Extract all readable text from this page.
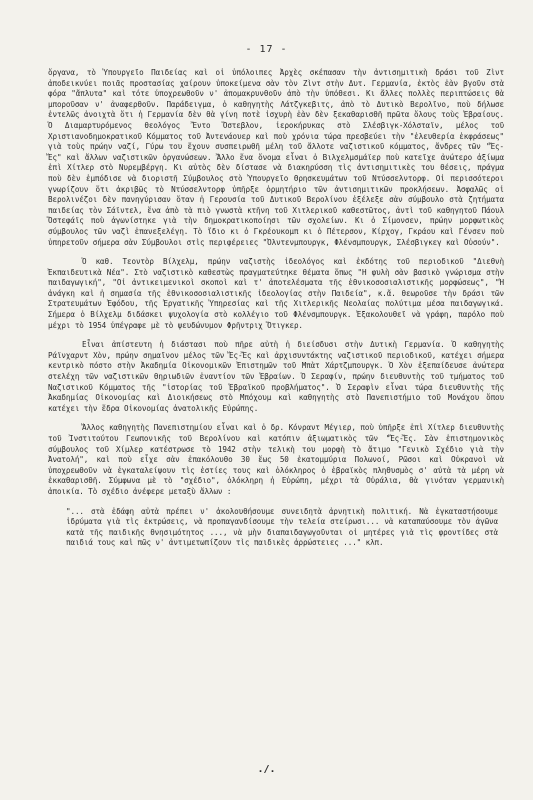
- 17 -

ὄργανα, τὸ Ὑπουργεῖο Παιδείας καὶ οἱ ὑπόλοιπες Ἀρχὲς σκέπασαν τὴν ἀντισημιτικὴ δράσι τοῦ Ζὶντ ἀποδεικνύει ποιᾶς προστασίας χαίρουν ὑποκείμενα σὰν τὸν Ζὶντ στὴν Δυτ. Γερμανία, ἐκτὸς ἐὰν βγοῦν στὰ φόρα "ἄπλυτα" καὶ τότε ὑποχρεωθοῦν ν' ἀπομακρυνθοῦν ἀπὸ τὴν ὑπόθεσι. Κι ἄλλες πολλὲς περιπτώσεις θὰ μποροῦσαν ν' ἀναφερθοῦν. Παράδειγμα, ὁ καθηγητὴς Λάτζγκεβιτς, ἀπὸ τὸ Δυτικὸ Βερολῖνο, ποὺ δήλωσε ἐντελῶς ἀνοιχτὰ ὅτι ἡ Γερμανία δὲν θὰ γίνη ποτὲ ἰσχυρὴ ἐὰν δὲν ξεκαθαρισθῆ πρῶτα ὅλους τοὺς Ἑβραίους. Ὁ Διαμαρτυρόμενος θεολόγος Ἔντο Ὄστεβλον, ἱεροκήρυκας στὸ Σλέσβιγκ-Χόλσταϊν, μέλος τοῦ Χριστιανοδημοκρατικοῦ Κόμματος τοῦ Ἀντενάουερ καὶ ποὺ χρόνια τώρα πρεσβεύει τὴν "ἐλευθερία ἐκφράσεως" γιὰ τοὺς πρώην ναζί, Γύρω του ἔχουν συσπειρωθῆ μέλη τοῦ ἄλλοτε ναζιστικοῦ κόμματος, ἄνδρες τῶν "Ἔς-Ἔς" καὶ ἄλλων ναζιστικῶν ὀργανώσεων. Ἄλλο ἕνα ὄνομα εἶναι ὁ Βιλχελμσμάϊερ ποὺ κατεῖχε ἀνώτερο ἀξίωμα ἐπὶ Χίτλερ στὸ Νυρεμβέργη. Κι αὐτὸς δὲν δίστασε νὰ διακηρύσση τὶς ἀντισημιτικὲς του θέσεις, πράγμα ποὺ δὲν ἐμπόδισε νὰ διοριστῆ Σύμβουλος στὸ Ὑπουργεῖο Θρησκευμάτων τοῦ Ντύσσελντορφ. Οἱ περισσότεροι γνωρίζουν ὅτι ἀκριβῶς τὸ Ντύσσελντορφ ὑπῆρξε ὁρμητήριο τῶν ἀντισημιτικῶν προκλήσεων. Ἀσφαλῶς οἱ Βερολινέζοι δὲν πανηγύρισαν ὅταν ἡ Γερουσία τοῦ Δυτικοῦ Βερολίνου ἐξέλεξε σὰν σύμβουλο στὰ ζητήματα παιδείας τὸν Σάϊντελ, ἕνα ἀπὸ τὰ πιὸ γνωστὰ κτῆνη τοῦ Χιτλερικοῦ καθεστῶτος, ἀντὶ τοῦ καθηγητοῦ Πάουλ Ὄστεφάϊς ποὺ ἀγωνίστηκε γιὰ τὴν δημοκρατικοποίησι τῶν σχολείων. Κι ὁ Σίμονσεν, πρώην μορφωτικὸς σύμβουλος τῶν ναζὶ ἐπανεξελέγη. Τὸ ἴδιο κι ὁ Γκρέουκομπ κι ὁ Πέτερσον, Κίρχογ, Γκράου καὶ Γένσεν ποὺ ὑπηρετοῦν σήμερα σὰν Σύμβουλοι στὶς περιφέρειες "Ὀλντενμπουργκ, Φλένσμπουργκ, Σλέσβιγκεγ καὶ Οὐσούν".

Ὁ καθ. Τεοντὸρ Βίλχελμ, πρώην ναζιστὴς ἰδεολόγος καὶ ἐκδότης τοῦ περιοδικοῦ "Διεθνὴ Ἐκπαιδευτικὰ Νέα". Στὸ ναζιστικὸ καθεστὼς πραγματεύτηκε θέματα ὅπως "Η φυλὴ σὰν βασικὸ γνώρισμα στὴν παιδαγωγική", "Οἱ ἀντικειμενικοὶ σκοποὶ καὶ τ' ἀποτελέσματα τῆς ἐθνικοσοσιαλιστικῆς μορφώσεως", "Ἡ ἀνάγκη καὶ ἡ σημασία τῆς ἐθνικοσοσιαλιστικῆς ἰδεολογίας στὴν Παιδεία", κ.ἄ. θεωροῦσε τὴν δράσι τῶν Στρατευμάτων Ἐφόδου, τῆς Ἐργατικῆς Ὑπηρεσίας καὶ τῆς Χιτλερικῆς Νεολαίας πολύτιμα μέσα παιδαγωγικά. Σήμερα ὁ Βίλχελμ διδάσκει ψυχολογία στὸ κολλέγιο τοῦ Φλένσμπουργκ. Ἐξακολουθεῖ νὰ γράφη, παρόλο ποὺ μέχρι τὸ 1954 ὑπέγραφε μὲ τὸ ψευδώνυμον Φρῆντριχ Ὄτιγκερ.

Εἶναι ἀπίστευτη ἡ διάστασι ποὺ πῆρε αὐτὴ ἡ διείσδυσι στὴν Δυτικὴ Γερμανία. Ὁ καθηγητὴς Ράϊνχαρντ Χὸν, πρώην σημαῖνον μέλος τῶν Ἔς-Ἔς καὶ ἀρχισυντάκτης ναζιστικοῦ περιοδικοῦ, κατέχει σήμερα κεντρικὸ πόστο στὴν Ἀκαδημία Οἰκονομικῶν Ἐπιστημῶν τοῦ Μπὰτ Χάρτζμπουργκ. Ὁ Χὸν ἐξεπαίδευσε ἀνώτερα στελέχη τῶν ναζιστικῶν θηριωδιῶν ἐναντίον τῶν Ἑβραίων. Ὁ Σεραφίν, πρώην διευθυντὴς τοῦ τμήματος τοῦ Ναζιστικοῦ Κόμματος τῆς "ἱστορίας τοῦ Ἑβραϊκοῦ προβλήματος". Ὁ Σεραφὶν εἶναι τώρα διευθυντὴς τῆς Ἀκαδημίας Οἰκονομίας καὶ Διοικήσεως στὸ Μπόχουμ καὶ καθηγητὴς στὸ Πανεπιστήμιο τοῦ Μονάχου ὅπου κατέχει τὴν ἕδρα Οἰκονομίας ἀνατολικῆς Εὐρώπης.

Ἄλλος καθηγητὴς Πανεπιστημίου εἶναι καὶ ὁ δρ. Κόνραντ Μέγιερ, ποὺ ὑπῆρξε ἐπὶ Χίτλερ διευθυντὴς τοῦ Ἰνστιτούτου Γεωπονικῆς τοῦ Βερολίνου καὶ κατόπιν ἀξιωματικὸς τῶν "Ἔς-Ἔς. Σὰν ἐπιστημονικὸς σύμβουλος τοῦ Χίμλερ κατέστρωσε τὸ 1942 στὴν τελικὴ του μορφὴ τὸ ἄτιμο "Γενικὸ Σχέδιο γιὰ τὴν Ἀνατολή", καὶ ποὺ εἶχε σὰν ἐπακόλουθο 30 ἕως 50 ἑκατομμύρια Πολωνοί, Ρῶσοι καὶ Οὐκρανοὶ νὰ ὑποχρεωθοῦν νὰ ἐγκαταλείψουν τὶς ἑστίες τους καὶ ὁλόκληρος ὁ ἑβραϊκὸς πληθυσμὸς σ' αὐτὰ τὰ μέρη νὰ ἐκκαθαρισθῆ. Σύμφωνα μὲ τὸ "σχέδιο", ὁλόκληρη ἡ Εὐρώπη, μέχρι τὰ Οὐράλια, θὰ γινόταν γερμανικὴ ἀποικία. Τὸ σχέδιο ἀνέφερε μεταξὺ ἄλλων :

"... στὰ ἐδάφη αὐτὰ πρέπει ν' ἀκολουθήσουμε συνειδητὰ ἀρνητικὴ πολιτική. Νὰ ἐγκαταστήσουμε ἱδρύματα γιὰ τὶς ἐκτρώσεις, νὰ προπαγανδίσουμε τὴν τελεία στείρωσι... νὰ καταπαύσουμε τὸν ἀγῶνα κατὰ τῆς παιδικῆς θνησιμότητος ..., νὰ μὴν διαπαιδαγωγοῦνται οἱ μητέρες γιὰ τὶς φροντίδες στὰ παιδιά τους καὶ πῶς ν' ἀντιμετωπίζουν τὶς παιδικὲς ἀρρώστειες ..." κλπ.

./.
